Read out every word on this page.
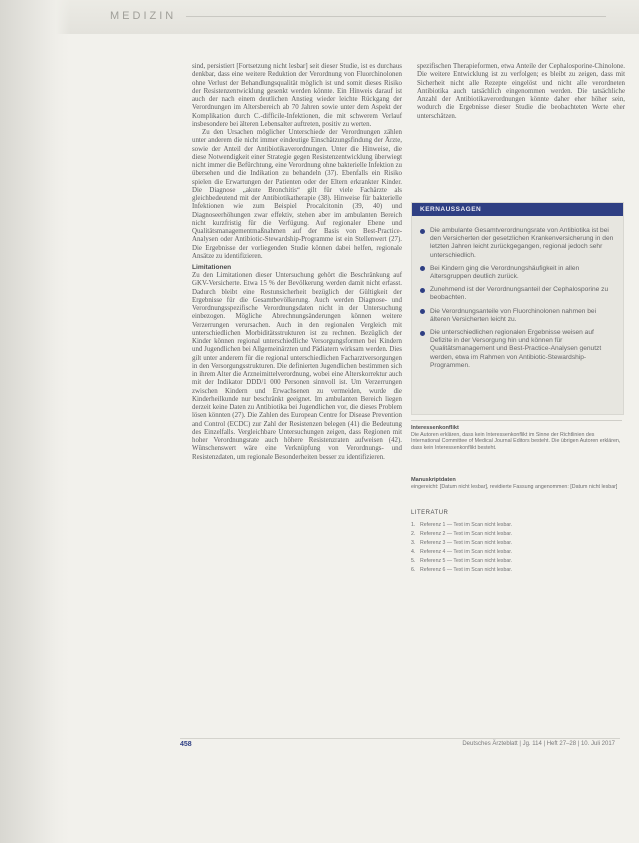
MEDIZIN

sind, persistiert [Fortsetzung nicht lesbar] seit dieser Studie, ist es durchaus denkbar, dass eine weitere Reduktion der Verordnung von Fluorchinolonen ohne Verlust der Behandlungsqualität möglich ist und somit dieses Risiko der Resistenzentwicklung gesenkt werden könnte. Ein Hinweis darauf ist auch der nach einem deutlichen Anstieg wieder leichte Rückgang der Verordnungen im Altersbereich ab 70 Jahren sowie unter dem Aspekt der Komplikation durch C.-difficile-Infektionen, die mit schwerem Verlauf insbesondere bei älteren Lebensalter auftreten, positiv zu werten.

Zu den Ursachen möglicher Unterschiede der Verordnungen zählen unter anderem die nicht immer eindeutige Einschätzungsfindung der Ärzte, sowie der Anteil der Antibiotikaverordnungen. Unter die Hinweise, die diese Notwendigkeit einer Strategie gegen Resistenzentwicklung überwiegt nicht immer die Befürchtung, eine Verordnung ohne bakterielle Infektion zu übersehen und die Indikation zu behandeln (37). Ebenfalls ein Risiko spielen die Erwartungen der Patienten oder der Eltern erkrankter Kinder. Die Diagnose „akute Bronchitis“ gilt für viele Fachärzte als gleichbedeutend mit der Antibiotikatherapie (38). Hinweise für bakterielle Infektionen wie zum Beispiel Procalcitonin (39, 40) und Diagnoseerhöhungen zwar effektiv, stehen aber im ambulanten Bereich nicht kurzfristig für die Verfügung. Auf regionaler Ebene und Qualitätsmanagementmaßnahmen auf der Basis von Best-Practice-Analysen oder Antibiotic-Stewardship-Programme ist ein Stellenwert (27). Die Ergebnisse der vorliegenden Studie können dabei helfen, regionale Ansätze zu identifizieren.

Limitationen

Zu den Limitationen dieser Untersuchung gehört die Beschränkung auf GKV-Versicherte. Etwa 15 % der Bevölkerung werden damit nicht erfasst. Dadurch bleibt eine Restunsicherheit bezüglich der Gültigkeit der Ergebnisse für die Gesamtbevölkerung. Auch werden Diagnose- und Verordnungsspezifische Verordnungsdaten nicht in der Untersuchung einbezogen. Mögliche Abrechnungsänderungen können weitere Verzerrungen verursachen. Auch in den regionalen Vergleich mit unterschiedlichen Morbiditätsstrukturen ist zu rechnen. Bezüglich der Kinder können regional unterschiedliche Versorgungsformen bei Kindern und Jugendlichen bei Allgemeinärzten und Pädiatern wirksam werden. Dies gilt unter anderem für die regional unterschiedlichen Facharztversorgungen in den Versorgungsstrukturen. Die definierten Jugendlichen bestimmen sich in ihrem Alter die Arzneimittelverordnung, wobei eine Alterskorrektur auch mit der Indikator DDD/1 000 Personen sinnvoll ist. Um Verzerrungen zwischen Kindern und Erwachsenen zu vermeiden, wurde die Kinderheilkunde nur beschränkt geeignet. Im ambulanten Bereich liegen derzeit keine Daten zu Antibiotika bei Jugendlichen vor, die dieses Problem lösen könnten (27). Die Zahlen des European Centre for Disease Prevention and Control (ECDC) zur Zahl der Resistenzen belegen (41) die Bedeutung des Einzelfalls. Vergleichbare Untersuchungen zeigen, dass Regionen mit hoher Verordnungsrate auch höhere Resistenzraten aufweisen (42). Wünschenswert wäre eine Verknüpfung von Verordnungs- und Resistenzdaten, um regionale Besonderheiten besser zu identifizieren.

spezifischen Therapieformen, etwa Anteile der Cephalosporine-Chinolone. Die weitere Entwicklung ist zu verfolgen; es bleibt zu zeigen, dass mit Sicherheit nicht alle Rezepte eingelöst und nicht alle verordneten Antibiotika auch tatsächlich eingenommen werden. Die tatsächliche Anzahl der Antibiotikaverordnungen könnte daher eher höher sein, wodurch die Ergebnisse dieser Studie die beobachteten Werte eher unterschätzen.

KERNAUSSAGEN
Die ambulante Gesamtverordnungsrate von Antibiotika ist bei den Versicherten der gesetzlichen Krankenversicherung in den letzten Jahren leicht zurückgegangen, regional jedoch sehr unterschiedlich.
Bei Kindern ging die Verordnungshäufigkeit in allen Altersgruppen deutlich zurück.
Zunehmend ist der Verordnungsanteil der Cephalosporine zu beobachten.
Die Verordnungsanteile von Fluorchinolonen nahmen bei älteren Versicherten leicht zu.
Die unterschiedlichen regionalen Ergebnisse weisen auf Defizite in der Versorgung hin und können für Qualitätsmanagement und Best-Practice-Analysen genutzt werden, etwa im Rahmen von Antibiotic-Stewardship-Programmen.
Interessenkonflikt
Die Autoren erklären, dass kein Interessenkonflikt im Sinne der Richtlinien des International Committee of Medical Journal Editors besteht. Die übrigen Autoren erklären, dass kein Interessenkonflikt besteht.
Manuskriptdaten
eingereicht: [Datum nicht lesbar], revidierte Fassung angenommen: [Datum nicht lesbar]
LITERATUR
1. Referenz 1 — Text im Scan nicht lesbar.
2. Referenz 2 — Text im Scan nicht lesbar.
3. Referenz 3 — Text im Scan nicht lesbar.
4. Referenz 4 — Text im Scan nicht lesbar.
5. Referenz 5 — Text im Scan nicht lesbar.
6. Referenz 6 — Text im Scan nicht lesbar.
458	Deutsches Ärzteblatt | Jg. 114 | Heft 27–28 | 10. Juli 2017
